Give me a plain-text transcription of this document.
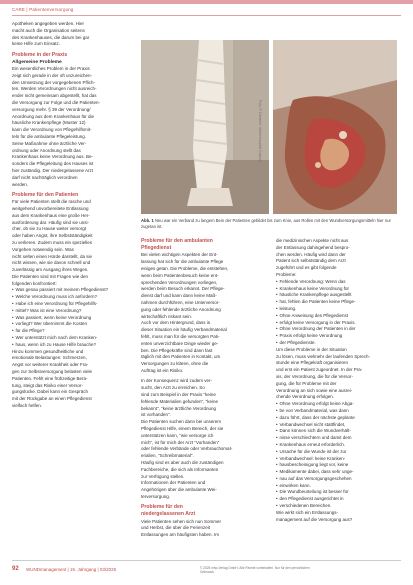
CARE | Patientenversorgung
Foto: F. Demmer; Marienhospital Castrop
Abb. 1 Neu war ein Verband zu langem Bein der Patienten gebildet bis zum Knie, aus Rollen mit den Wundversorgungsmitteln hier nur zugetan ist.

Apotheken angegeben werden. Hier

macht auch die Organisation seitens

des Krankenhauses, die darum bei gar

keine Hilfe zum Einsatz.

Probleme in der Praxis

Allgemeine Probleme

Ein wesentliches Problem in der Praxis

zeigt sich gerade in der oft unzureichen-

den Umsetzung der vorgegebenen Pflich-

ten. Werden Verordnungen nicht ausreich-

ender nicht gemeinsam abgestellt, hat das

die Versorgung zur Folge und die Patienten-

versorgung mehr. § 39 der Verordnung/

Anordnung aus dem Krankenhaus für die

häusliche Krankenpflege (Muster 12)

kann die Verordnung von Pflegehilfsmit-

teln für die ambulante Pflegeleistung.

Seine Maßnahme ohne ärztliche Ver-

ordnung oder Anordnung stellt das

Krankenhaus keine Verordnung aus. Be-

sonders die Pflegeleitung des Hauses ist

hier zuständig. Der niedergelassene Arzt

darf nicht nachträglich verordnen

werden.

Probleme für den Patienten

Für viele Patienten stellt die rasche und

weitgehend unvorbereitete Entlassung

aus dem Krankenhaus eine große Her-

ausforderung dar. Häufig sind sie unsi-

cher, ob sie zu Hause weiter versorgt

oder haben Angst, ihre Selbstständigkeit

zu verlieren. Zudem muss ein spezielles

Vorgehen notwendig sein. Was

nicht selten einen Hürde darstellt, da sie

nicht wissen, wie sie davon schnell und

zuverlässig am Ausgang ihres Weges.

Die Patienten sind mit Fragen wie den

folgenden konfrontiert:

• Was genau passiert mit meinem Pflegedienst?
• Welche Verordnung muss ich anfordern?
• Habe ich eine Verordnung für Pflegehilfs-
• mittel? Was ist eine Verordnung?
• Was passiert, wenn keine Verordnung
• vorliegt? Wer übernimmt die Kosten
• für die Pflege?
• Wer unterstützt mich nach dem Kranken-
• haus, wenn ich zu Hause Hilfe brauche?

Hinzu kommen gesundheitliche und

emotionale Belastungen: Schmerzen,

Angst vor weiterer Krankheit oder Fra-

gen zur Selbstversorgung belasten viele

Patienten. Fehlt eine frühzeitige Bera-

tung, steigt das Risiko einer Versor-

gungslücke. Dabei kann ein Gespräch

mit der Rückgabe an einen Pflegedienst

vielfach helfen.

Probleme für den ambulanten

Pflegedienst

Bei vielen wichtigen Aspekten der Ent-

lassung hat sich für die ambulante Pflege

einiges getan. Die Probleme, die entstehen,

wenn beim Patientenbesuch keine ent-

sprechenden Verordnungen vorliegen,

werden beim Besuch erkannt. Der Pflege-

dienst darf und kann dann keine Maß-

nahmen durchführen, eine Unterversor-

gung oder fehlende ärztliche Anordnung

wirtschaftlich riskant sein.

Auch vor dem Hintergrund, dass in

dieser Situation ein häufig Verbandmaterial

fehlt, muss man für die versorgten Pati-

enten unverzichtbare Dinge wieder ge-

ben. Die Pflegekräfte sind dann fast

täglich mit den Patienten in Kontakt, um

Versorgungen zu klären, ohne die

Auftrag ist ein Risiko.

In der Konsequenz wird zudem ver-

sucht, den Arzt zu erreichen. So

sind zum Beispiel in der Praxis "keine

fehlende Materialien gefunden", "keine

bekannt", "keine ärztliche Verordnung

ist vorhanden".

Die Patienten suchen dann bei unserem

Pflegedienst Hilfe, einem Bereich, der sie

unterstützen kann, "wie versorge ich

mich", ist für mich der Arzt "Vorhanden"

oder fehlende Verbände oder Verbrauchsmat-

erialien, "Schreibmaterial".

Häufig sind es aber auch die zuständigen

Fachbereiche, die sich als Informanten

zur Verfügung stellen.

Informationen der Patienten und

Angehörigen über die ambulante Wei-

terversorgung.

Probleme für den

niedergelassenen Arzt

Viele Patienten sehen sich nun Sommer

und Herbst, die über die Ferienzeit

Entlassungen am häufigsten haben. Im

die medizinischen Aspekte nicht aus

der Entlassung dahingehend bespro-

chen werden. Häufig wird dann der

Patient sich selbstständig dem Arzt

zugeführt und es gibt folgende

Probleme:

• Fehlende Verordnung: Wenn das
• Krankenhaus keine Verordnung für
• häusliche Krankenpflege ausgestellt
• hat, fehlen die Patienten keine Pflege-
• leistung.
• Ohne Anweisung des Pflegedienst
• erfolgt keine Versorgung in der Praxis.
• Ohne Verordnung der Patienten in der
• Praxis erfolgt keine Verordnung
• der Pflegedienste.

Um diese Probleme in der Situation

zu lösen, muss vielmehr der laufenden Sprech-

stunde eine Pflegekraft organisieren

und erst ein Patient zugeordnet. In der Pra-

xis, der Verordnung, die für die Versor-

gung, die für Probleme mit der

Verordnung an sich sowie eine ausrei-

chende Verordnung erfolgen.

• Ohne Verordnung erfolgt keine Abga-
• be von Verbandmaterial, was dann
• dazu führt, dass der nächste geplante
• Verbandwechsel nicht stattfindet,
• Dann können sich die Wundverhält-
• nisse verschlechtern und damit dem
• Krankenhaus erneut erforderlich.
• Ursache für die Wunde ist der zur
• Verbandwechsel: keine Kranken-
• hausbescheinigung liegt vor, keine
• Medikamente dabei, dass sehr unge-
• nau auf das Versorgungsgeschehen
• einwirken kann.
• Die Wundbeurteilung ist besser für
• den Pflegedienst ausgerichtet in
• verschiedenen Bereichen.

Wie wirkt sich ein Entlassungs-

management auf die Versorgung aus?

92 WUNDmanagement | 19. Jahrgang | 03/2025	© 2025 mhp-Verlag GmbH. Alle Rechte vorbehalten. Nur für den persönlichen Gebrauch.
